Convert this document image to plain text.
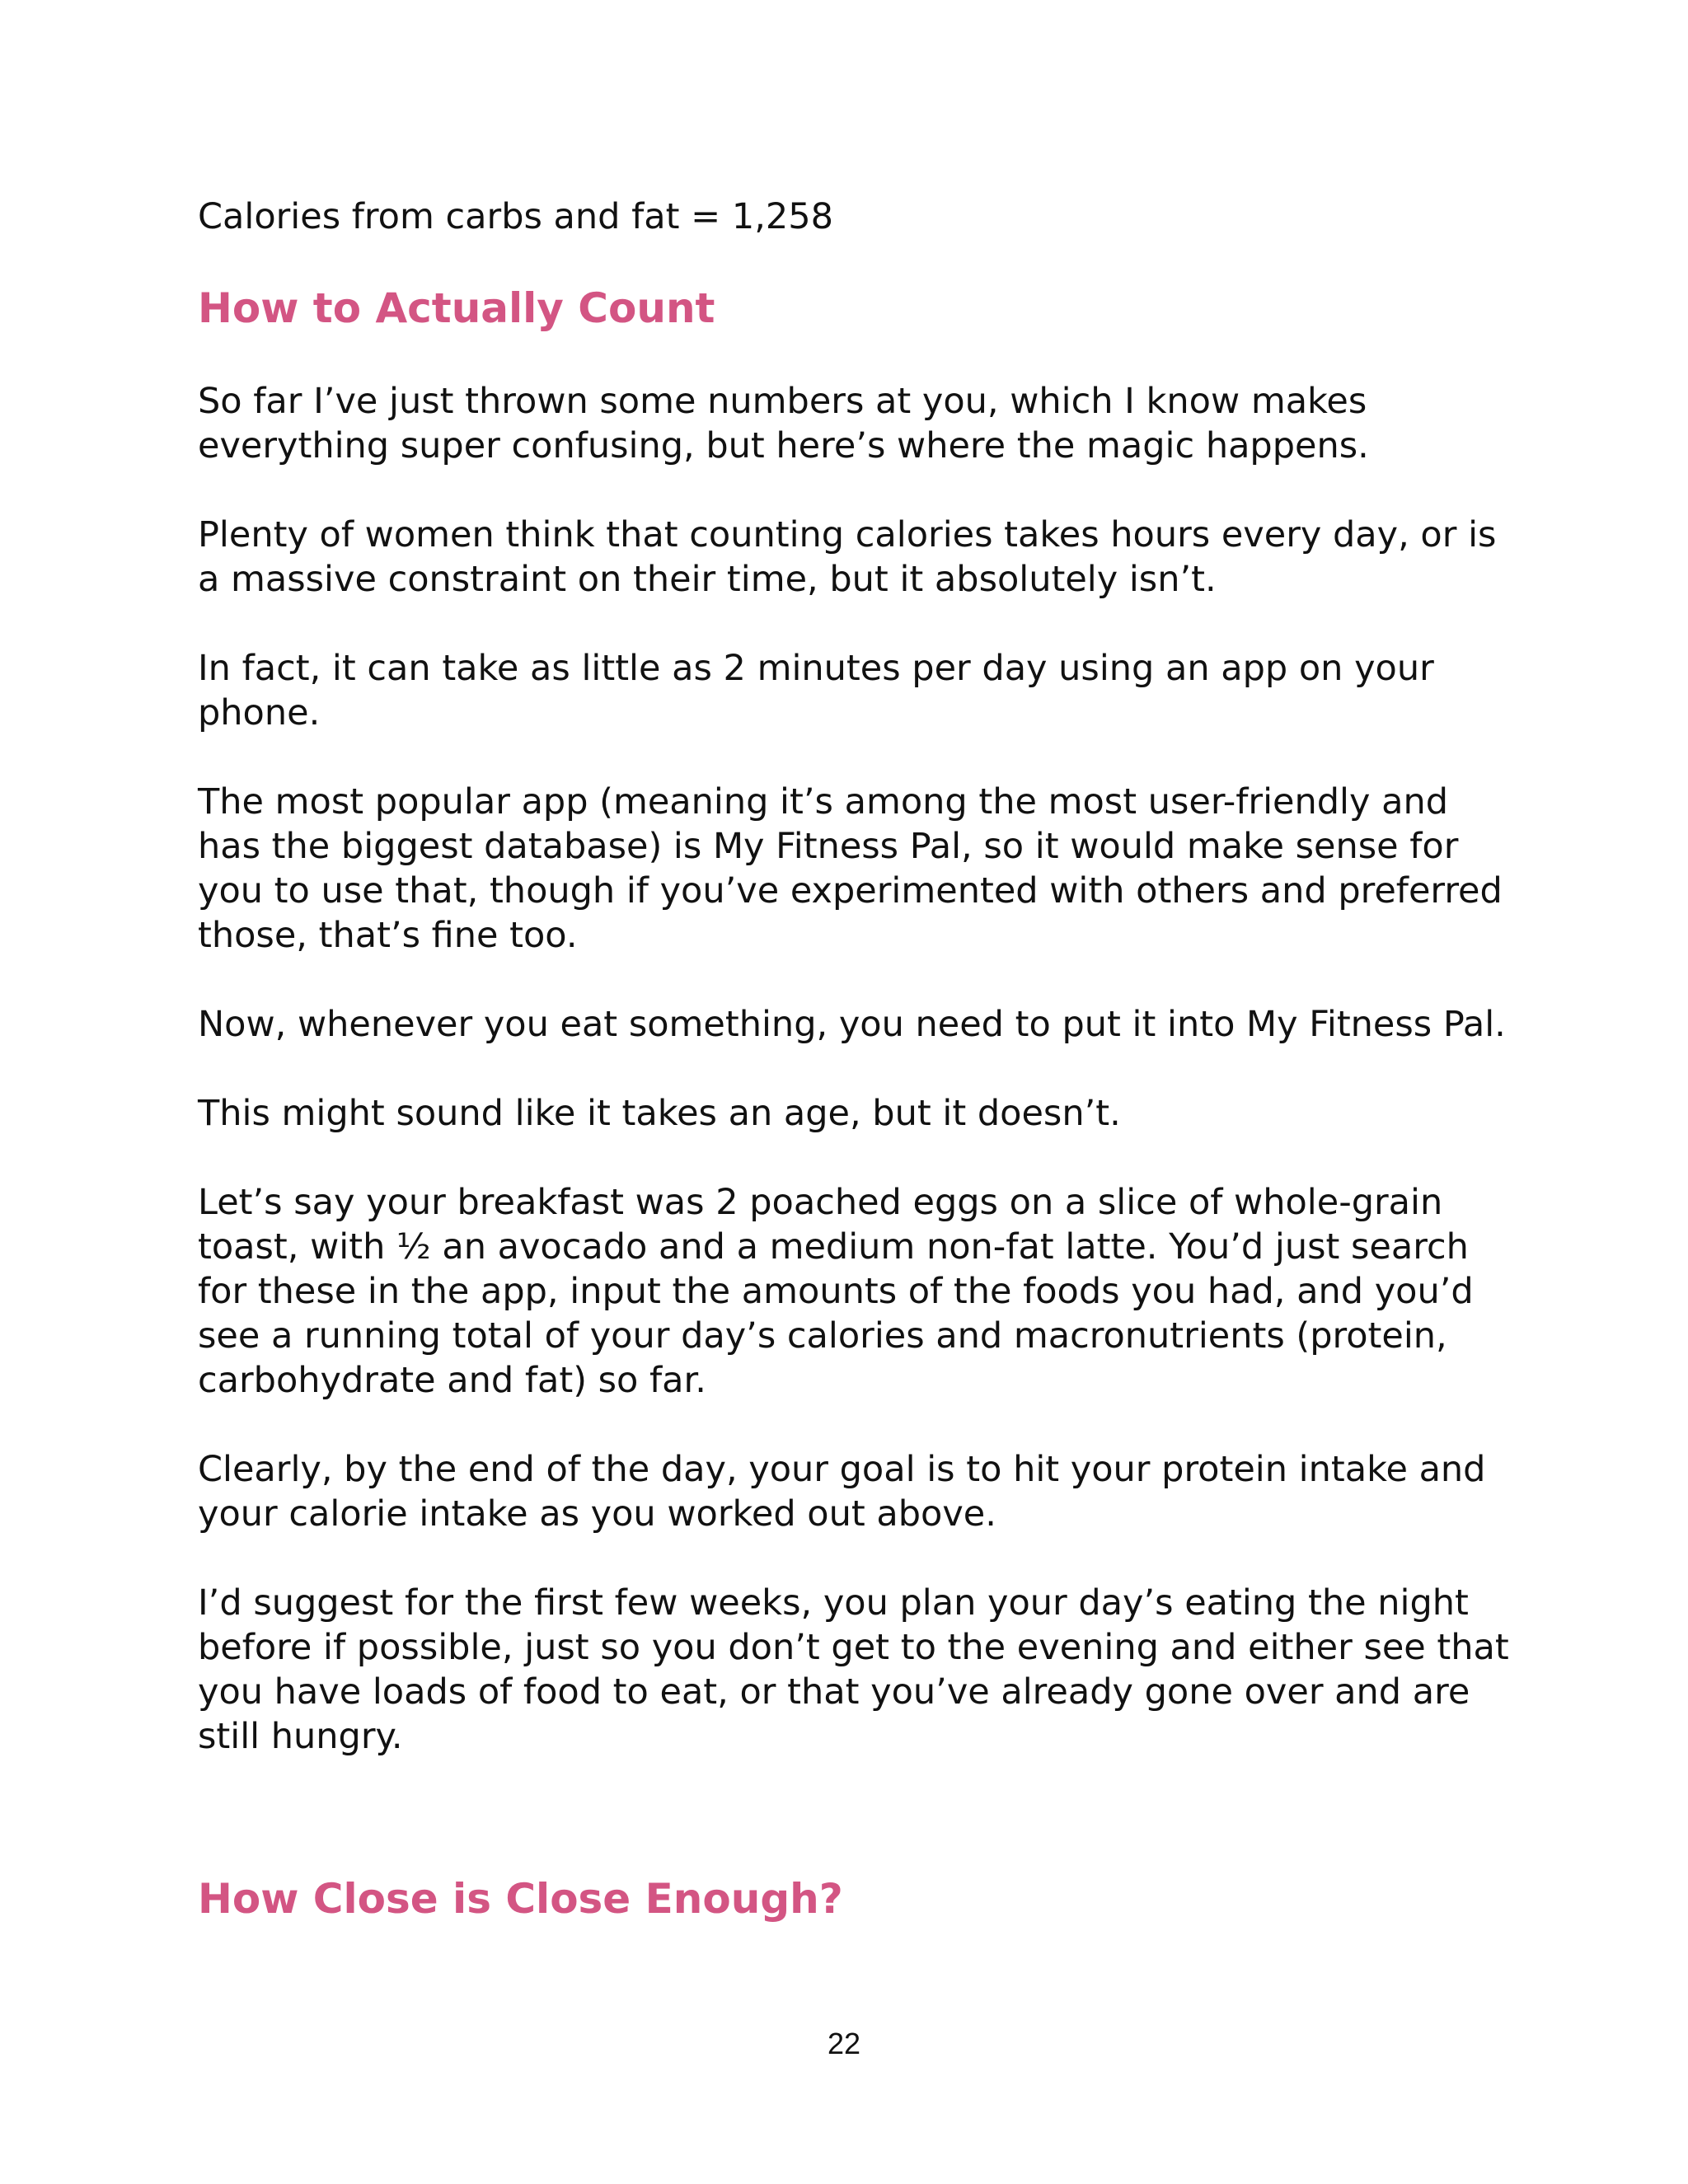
Calories from carbs and fat = 1,258

How to Actually Count

So far I’ve just thrown some numbers at you, which I know makes everything super confusing, but here’s where the magic happens.

Plenty of women think that counting calories takes hours every day, or is a massive constraint on their time, but it absolutely isn’t.

In fact, it can take as little as 2 minutes per day using an app on your phone.

The most popular app (meaning it’s among the most user-friendly and has the biggest database) is My Fitness Pal, so it would make sense for you to use that, though if you’ve experimented with others and preferred those, that’s fine too.

Now, whenever you eat something, you need to put it into My Fitness Pal.

This might sound like it takes an age, but it doesn’t.

Let’s say your breakfast was 2 poached eggs on a slice of whole-grain toast, with ½ an avocado and a medium non-fat latte. You’d just search for these in the app, input the amounts of the foods you had, and you’d see a running total of your day’s calories and macronutrients (protein, carbohydrate and fat) so far.

Clearly, by the end of the day, your goal is to hit your protein intake and your calorie intake as you worked out above.

I’d suggest for the first few weeks, you plan your day’s eating the night before if possible, just so you don’t get to the evening and either see that you have loads of food to eat, or that you’ve already gone over and are still hungry.

How Close is Close Enough?
22
